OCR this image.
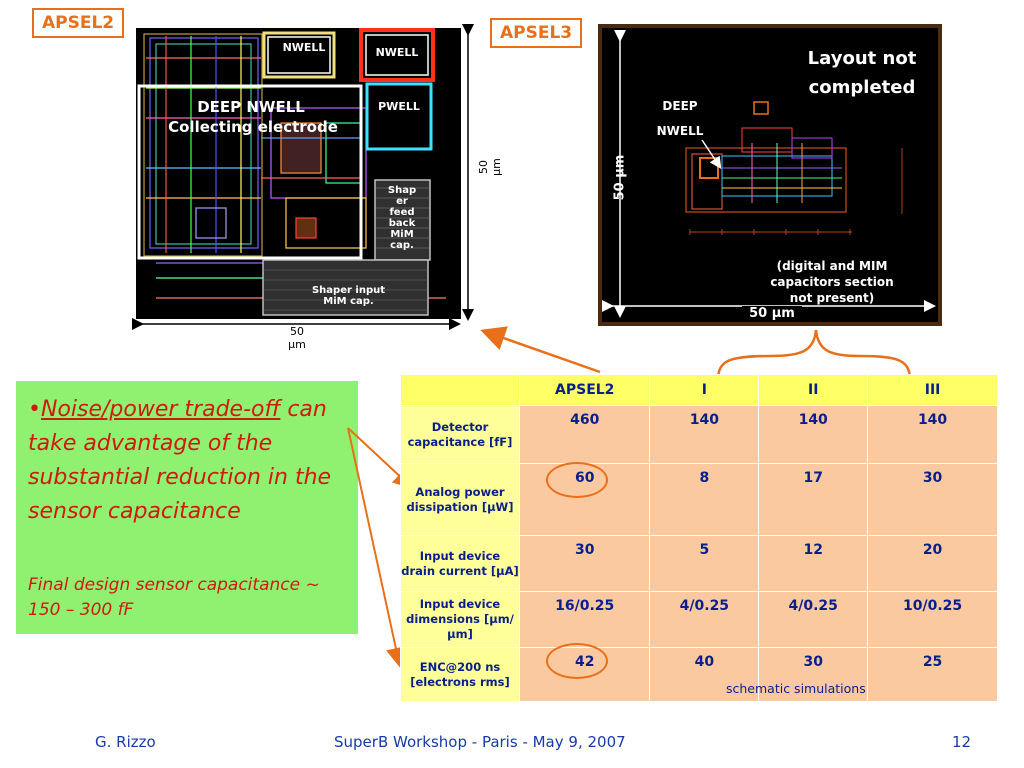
APSEL2
NWELL	NWELL
PWELL
DEEP NWELL
Collecting electrode
Shap
er
feed
back
MiM
cap.
Shaper input
MiM cap.
50
μm
50
μm
APSEL3
Layout not
completed
DEEP
NWELL
(digital and MIM
capacitors section
not present)
50 μm
50 μm
•Noise/power trade-off can take advantage of the substantial reduction in the sensor capacitance
Final design sensor capacitance ~ 150 – 300 fF
	APSEL2	I	II	III
Detector capacitance [fF]	460	140	140	140
Analog power dissipation [μW]	60	8	17	30
Input device drain current [μA]	30	5	12	20
Input device dimensions [μm/μm]	16/0.25	4/0.25	4/0.25	10/0.25
ENC@200 ns [electrons rms]	42	40	30	25
schematic simulations
G. Rizzo	SuperB Workshop - Paris - May 9, 2007	12
